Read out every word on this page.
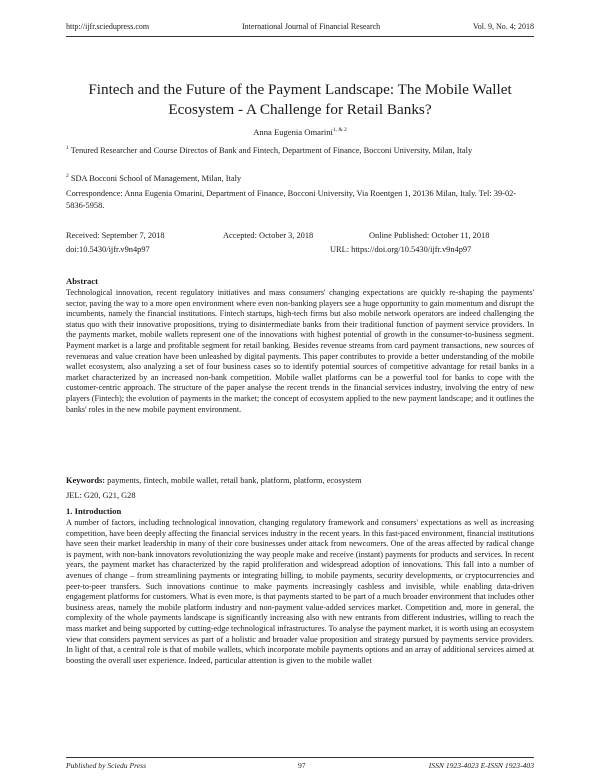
http://ijfr.sciedupress.com	International Journal of Financial Research	Vol. 9, No. 4; 2018
Fintech and the Future of the Payment Landscape: The Mobile Wallet
Ecosystem - A Challenge for Retail Banks?
Anna Eugenia Omarini$^{1, \& 2}$
$^1$ Tenured Researcher and Course Directos of Bank and Fintech, Department of Finance, Bocconi University, Milan, Italy
$^2$ SDA Bocconi School of Management, Milan, Italy
Correspondence: Anna Eugenia Omarini, Department of Finance, Bocconi University, Via Roentgen 1, 20136 Milan, Italy. Tel: 39-02-5836-5958.
Received: September 7, 2018	Accepted: October 3, 2018	Online Published: October 11, 2018
doi:10.5430/ijfr.v9n4p97	URL: https://doi.org/10.5430/ijfr.v9n4p97
Abstract
Technological innovation, recent regulatory initiatives and mass consumers' changing expectations are quickly re-shaping the payments' sector, paving the way to a more open environment where even non-banking players see a huge opportunity to gain momentum and disrupt the incumbents, namely the financial institutions. Fintech startups, high-tech firms but also mobile network operators are indeed challenging the status quo with their innovative propositions, trying to disintermediate banks from their traditional function of payment service providers. In the payments market, mobile wallets represent one of the innovations with highest potential of growth in the consumer-to-business segment. Payment market is a large and profitable segment for retail banking. Besides revenue streams from card payment transactions, new sources of revenueas and value creation have been unleashed by digital payments. This paper contributes to provide a better understanding of the mobile wallet ecosystem, also analyzing a set of four business cases so to identify potential sources of competitive advantage for retail banks in a market characterized by an increased non-bank competition. Mobile wallet platforms can be a powerful tool for banks to cope with the customer-centric approach. The structure of the paper analyse the recent trends in the financial services industry, involving the entry of new players (Fintech); the evolution of payments in the market; the concept of ecosystem applied to the new payment landscape; and it outlines the banks' roles in the new mobile payment environment.
Keywords: payments, fintech, mobile wallet, retail bank, platform, platform, ecosystem
JEL: G20, G21, G28
1. Introduction
A number of factors, including technological innovation, changing regulatory framework and consumers' expectations as well as increasing competition, have been deeply affecting the financial services industry in the recent years. In this fast-paced environment, financial institutions have seen their market leadership in many of their core businesses under attack from newcomers. One of the areas affected by radical change is payment, with non-bank innovators revolutionizing the way people make and receive (instant) payments for products and services. In recent years, the payment market has characterized by the rapid proliferation and widespread adoption of innovations. This fall into a number of avenues of change – from streamlining payments or integrating billing, to mobile payments, security developments, or cryptocurrencies and peer-to-peer transfers. Such innovations continue to make payments increasingly cashless and invisible, while enabling data-driven engagement platforms for customers. What is even more, is that payments started to be part of a much broader environment that includes other business areas, namely the mobile platform industry and non-payment value-added services market. Competition and, more in general, the complexity of the whole payments landscape is significantly increasing also with new entrants from different industries, willing to reach the mass market and being supported by cutting-edge technological infrastructures. To analyse the payment market, it is worth using an ecosystem view that considers payment services as part of a holistic and broader value proposition and strategy pursued by payments service providers. In light of that, a central role is that of mobile wallets, which incorporate mobile payments options and an array of additional services aimed at boosting the overall user experience. Indeed, particular attention is given to the mobile wallet
Published by Sciedu Press	97	ISSN 1923-4023 E-ISSN 1923-403
